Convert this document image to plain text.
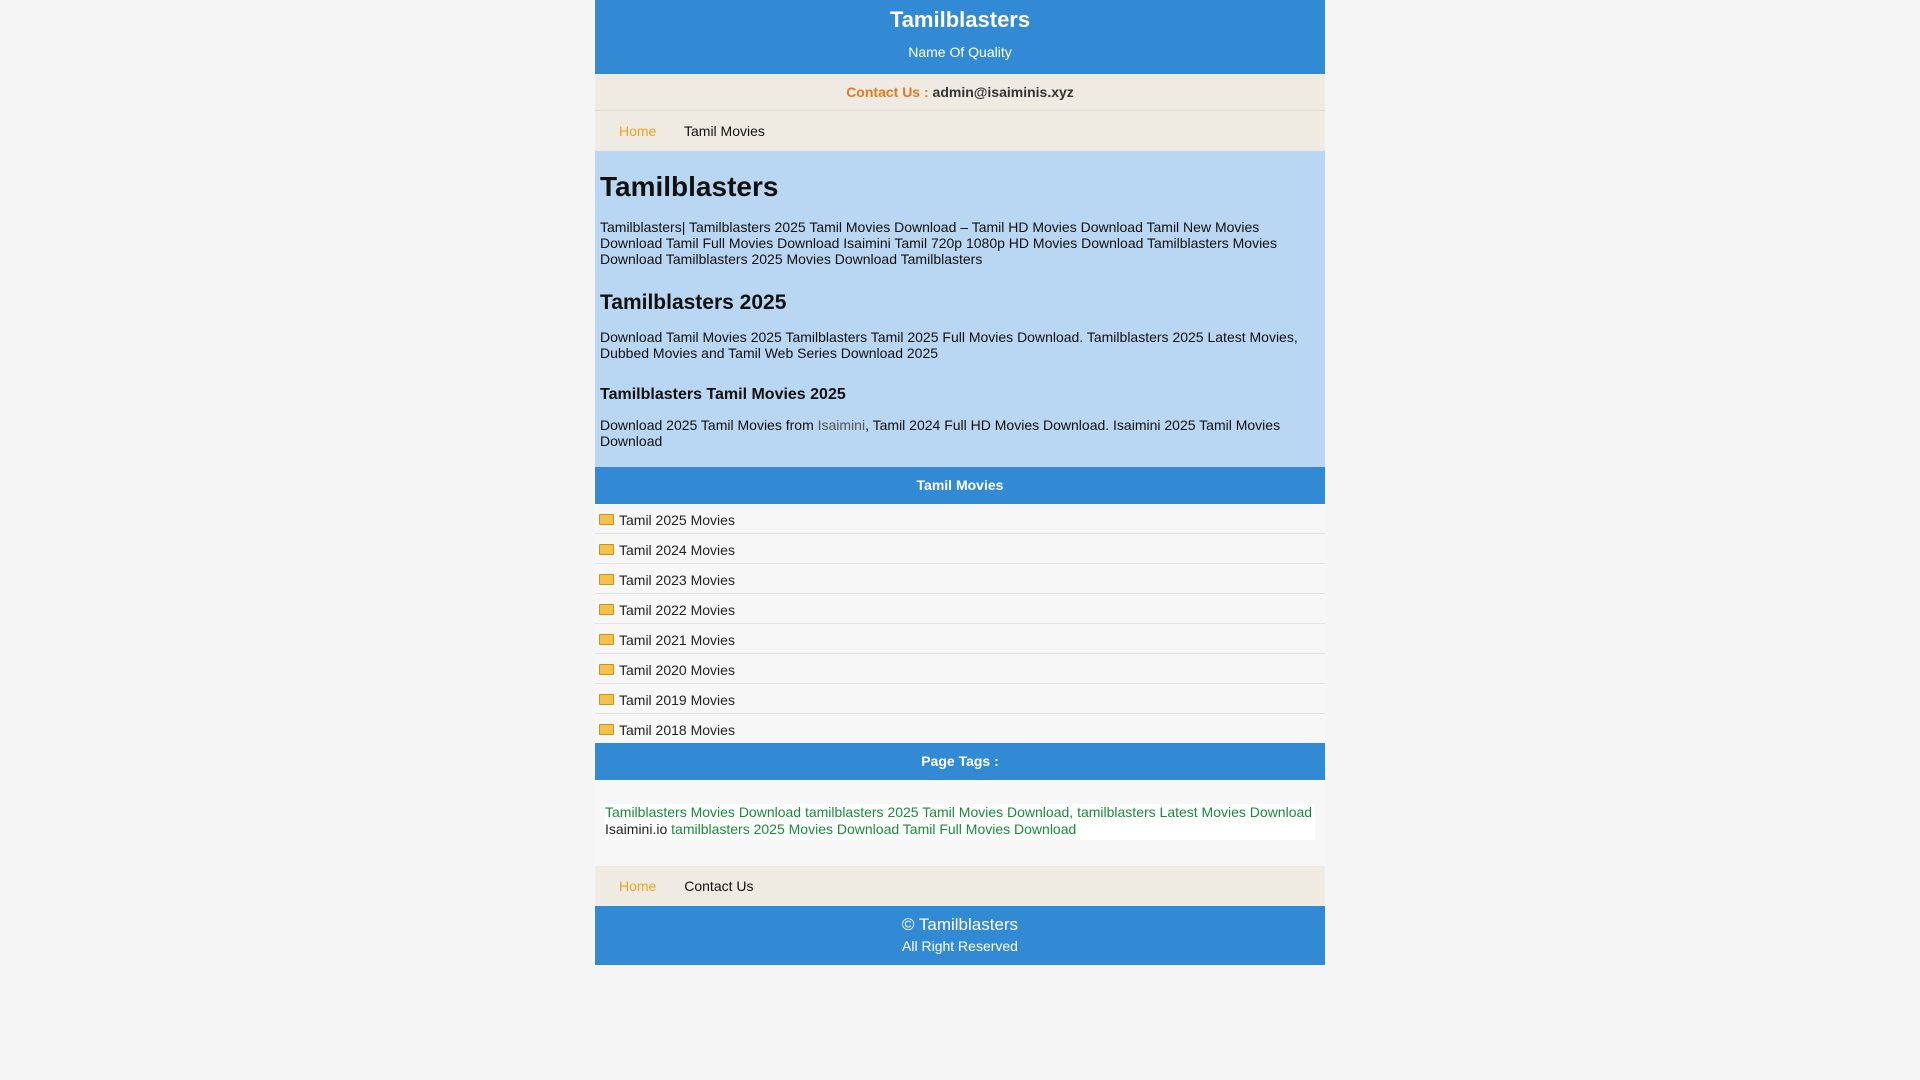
Tamilblasters
Name Of Quality
Contact Us : admin@isaiminis.xyz
Home Tamil Movies
Tamilblasters

Tamilblasters| Tamilblasters 2025 Tamil Movies Download – Tamil HD Movies Download Tamil New Movies Download Tamil Full Movies Download Isaimini Tamil 720p 1080p HD Movies Download Tamilblasters Movies Download Tamilblasters 2025 Movies Download Tamilblasters

Tamilblasters 2025

Download Tamil Movies 2025 Tamilblasters Tamil 2025 Full Movies Download. Tamilblasters 2025 Latest Movies, Dubbed Movies and Tamil Web Series Download 2025

Tamilblasters Tamil Movies 2025

Download 2025 Tamil Movies from Isaimini, Tamil 2024 Full HD Movies Download. Isaimini 2025 Tamil Movies Download

Tamil Movies
Tamil 2025 Movies
Tamil 2024 Movies
Tamil 2023 Movies
Tamil 2022 Movies
Tamil 2021 Movies
Tamil 2020 Movies
Tamil 2019 Movies
Tamil 2018 Movies
Page Tags :
Tamilblasters Movies Download tamilblasters 2025 Tamil Movies Download, tamilblasters Latest Movies Download Isaimini.io tamilblasters 2025 Movies Download Tamil Full Movies Download
Home Contact Us
© Tamilblasters
All Right Reserved
